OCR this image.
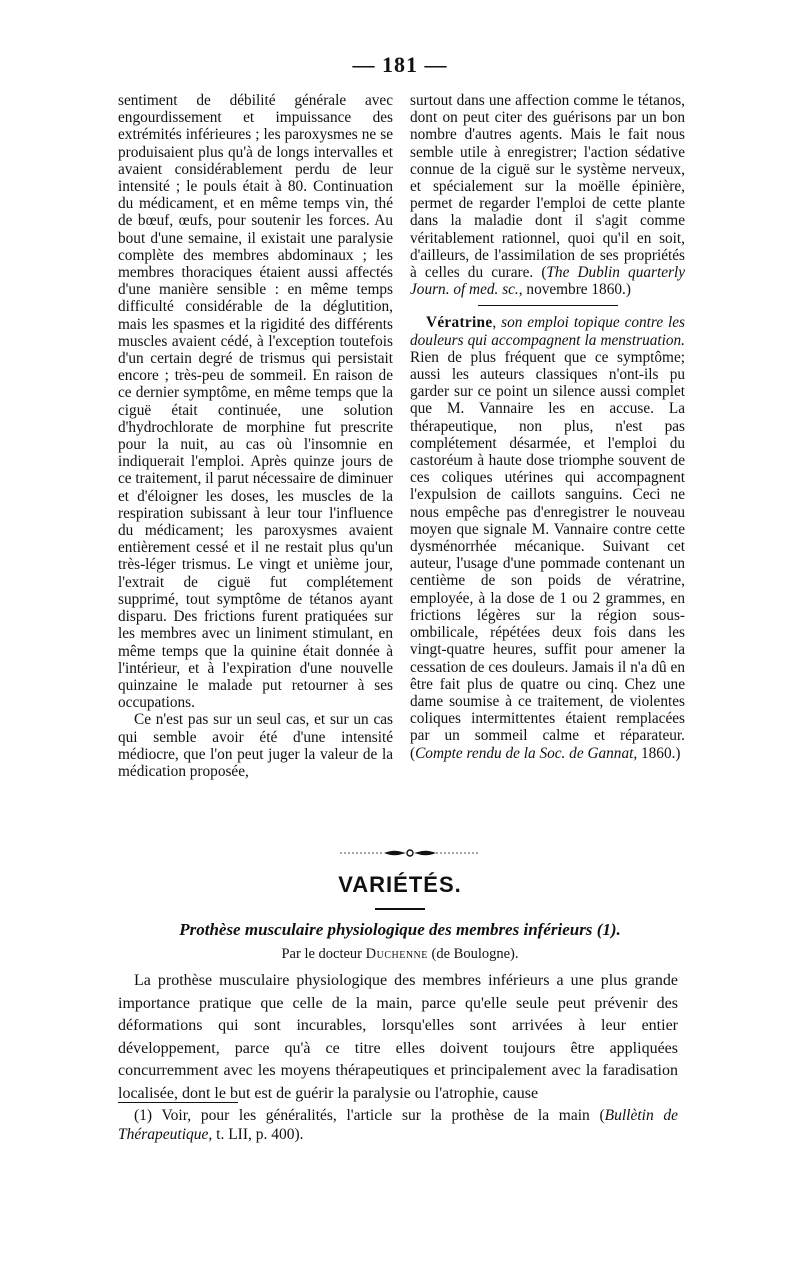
— 181 —

sentiment de débilité générale avec engourdissement et impuissance des extrémités inférieures ; les paroxysmes ne se produisaient plus qu'à de longs intervalles et avaient considérablement perdu de leur intensité ; le pouls était à 80. Continuation du médicament, et en même temps vin, thé de bœuf, œufs, pour soutenir les forces. Au bout d'une semaine, il existait une paralysie complète des membres abdominaux ; les membres thoraciques étaient aussi affectés d'une manière sensible : en même temps difficulté considérable de la déglutition, mais les spasmes et la rigidité des différents muscles avaient cédé, à l'exception toutefois d'un certain degré de trismus qui persistait encore ; très-peu de sommeil. En raison de ce dernier symptôme, en même temps que la ciguë était continuée, une solution d'hydrochlorate de morphine fut prescrite pour la nuit, au cas où l'insomnie en indiquerait l'emploi. Après quinze jours de ce traitement, il parut nécessaire de diminuer et d'éloigner les doses, les muscles de la respiration subissant à leur tour l'influence du médicament; les paroxysmes avaient entièrement cessé et il ne restait plus qu'un très-léger trismus. Le vingt et unième jour, l'extrait de ciguë fut complétement supprimé, tout symptôme de tétanos ayant disparu. Des frictions furent pratiquées sur les membres avec un liniment stimulant, en même temps que la quinine était donnée à l'intérieur, et à l'expiration d'une nouvelle quinzaine le malade put retourner à ses occupations.

Ce n'est pas sur un seul cas, et sur un cas qui semble avoir été d'une intensité médiocre, que l'on peut juger la valeur de la médication proposée,

surtout dans une affection comme le tétanos, dont on peut citer des guérisons par un bon nombre d'autres agents. Mais le fait nous semble utile à enregistrer; l'action sédative connue de la ciguë sur le système nerveux, et spécialement sur la moëlle épinière, permet de regarder l'emploi de cette plante dans la maladie dont il s'agit comme véritablement rationnel, quoi qu'il en soit, d'ailleurs, de l'assimilation de ses propriétés à celles du curare. (The Dublin quarterly Journ. of med. sc., novembre 1860.)

Vératrine, son emploi topique contre les douleurs qui accompagnent la menstruation. Rien de plus fréquent que ce symptôme; aussi les auteurs classiques n'ont-ils pu garder sur ce point un silence aussi complet que M. Vannaire les en accuse. La thérapeutique, non plus, n'est pas complétement désarmée, et l'emploi du castoréum à haute dose triomphe souvent de ces coliques utérines qui accompagnent l'expulsion de caillots sanguins. Ceci ne nous empêche pas d'enregistrer le nouveau moyen que signale M. Vannaire contre cette dysménorrhée mécanique. Suivant cet auteur, l'usage d'une pommade contenant un centième de son poids de vératrine, employée, à la dose de 1 ou 2 grammes, en frictions légères sur la région sous-ombilicale, répétées deux fois dans les vingt-quatre heures, suffit pour amener la cessation de ces douleurs. Jamais il n'a dû en être fait plus de quatre ou cinq. Chez une dame soumise à ce traitement, de violentes coliques intermittentes étaient remplacées par un sommeil calme et réparateur. (Compte rendu de la Soc. de Gannat, 1860.)

VARIÉTÉS.
Prothèse musculaire physiologique des membres inférieurs (1).
Par le docteur Duchenne (de Boulogne).

La prothèse musculaire physiologique des membres inférieurs a une plus grande importance pratique que celle de la main, parce qu'elle seule peut prévenir des déformations qui sont incurables, lorsqu'elles sont arrivées à leur entier développement, parce qu'à ce titre elles doivent toujours être appliquées concurremment avec les moyens thérapeutiques et principalement avec la faradisation localisée, dont le but est de guérir la paralysie ou l'atrophie, cause

(1) Voir, pour les généralités, l'article sur la prothèse de la main (Bullètin de Thérapeutique, t. LII, p. 400).
